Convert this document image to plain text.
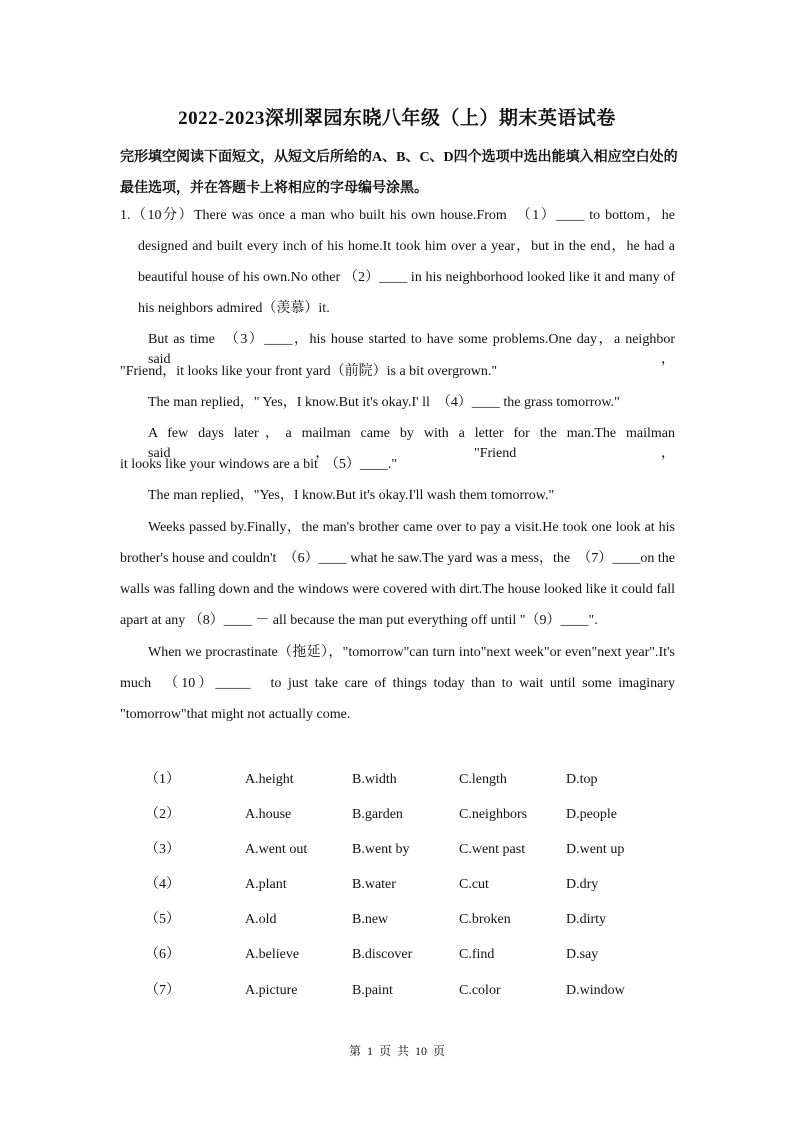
2022-2023深圳翠园东晓八年级（上）期末英语试卷
完形填空阅读下面短文，从短文后所给的A、B、C、D四个选项中选出能填入相应空白处的最佳选项，并在答题卡上将相应的字母编号涂黑。
1.（10分）There was once a man who built his own house.From　（1）____ to bottom，he
designed and built every inch of his home.It took him over a year，but in the end，he had a
beautiful house of his own.No other （2）____ in his neighborhood looked like it and many of
his neighbors admired（羡慕）it.
But as time　（3）____，his house started to have some problems.One day，a neighbor said，
"Friend，it looks like your front yard（前院）is a bit overgrown."
The man replied，" Yes，I know.But it's okay.I' ll　（4）____ the grass tomorrow."
A few days later，a mailman came by with a letter for the man.The mailman said，"Friend，
it looks like your windows are a bit　（5）____."
The man replied，"Yes，I know.But it's okay.I'll wash them tomorrow."
Weeks passed by.Finally，the man's brother came over to pay a visit.He took one look at his
brother's house and couldn't　（6）____ what he saw.The yard was a mess，the　（7）____on the
walls was falling down and the windows were covered with dirt.The house looked like it could fall
apart at any （8）____ － all because the man put everything off until "（9）____".
When we procrastinate（拖延），"tomorrow"can turn into"next week"or even"next year".It's
much　（10）_____　to just take care of things today than to wait until some imaginary
"tomorrow"that might not actually come.
（1）	A.height	B.width	C.length	D.top
（2）	A.house	B.garden	C.neighbors	D.people
（3）	A.went out	B.went by	C.went past	D.went up
（4）	A.plant	B.water	C.cut	D.dry
（5）	A.old	B.new	C.broken	D.dirty
（6）	A.believe	B.discover	C.find	D.say
（7）	A.picture	B.paint	C.color	D.window
第 1 页 共 10 页
